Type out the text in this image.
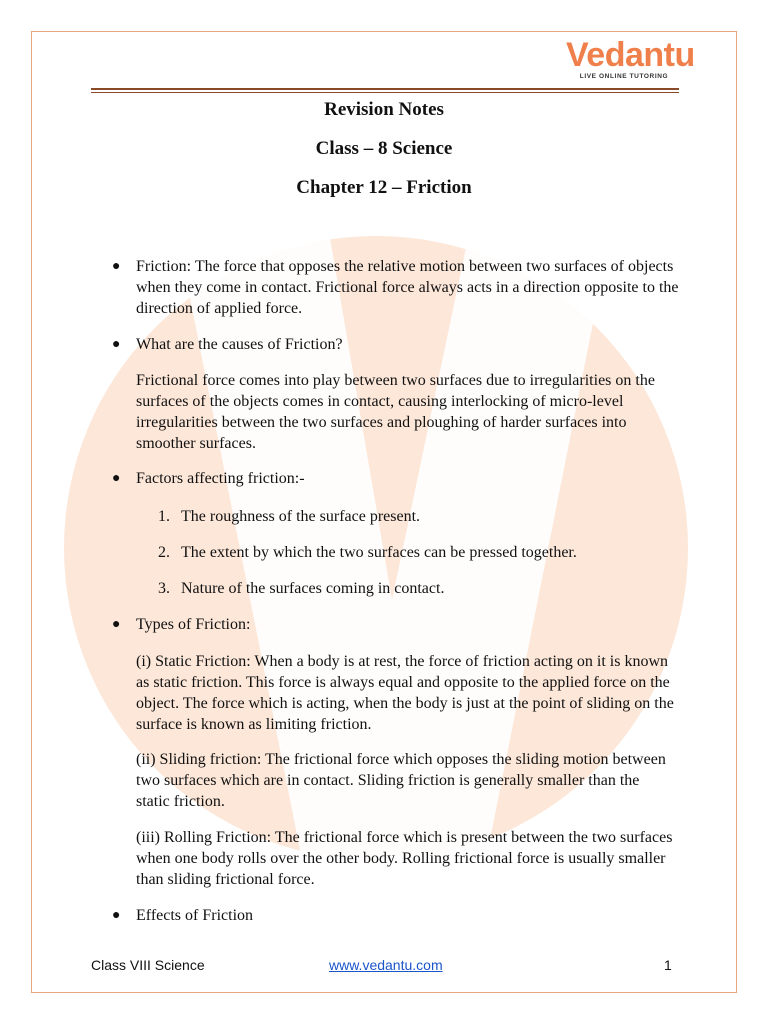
Vedantu
LIVE ONLINE TUTORING
Revision Notes
Class – 8 Science
Chapter 12 – Friction
● Friction: The force that opposes the relative motion between two surfaces of objects when they come in contact. Frictional force always acts in a direction opposite to the direction of applied force.
● What are the causes of Friction?
Frictional force comes into play between two surfaces due to irregularities on the surfaces of the objects comes in contact, causing interlocking of micro-level irregularities between the two surfaces and ploughing of harder surfaces into smoother surfaces.
● Factors affecting friction:-
1. The roughness of the surface present.
2. The extent by which the two surfaces can be pressed together.
3. Nature of the surfaces coming in contact.
● Types of Friction:
(i) Static Friction: When a body is at rest, the force of friction acting on it is known as static friction. This force is always equal and opposite to the applied force on the object. The force which is acting, when the body is just at the point of sliding on the surface is known as limiting friction.
(ii) Sliding friction: The frictional force which opposes the sliding motion between two surfaces which are in contact. Sliding friction is generally smaller than the static friction.
(iii) Rolling Friction: The frictional force which is present between the two surfaces when one body rolls over the other body. Rolling frictional force is usually smaller than sliding frictional force.
● Effects of Friction
Class VIII Science	www.vedantu.com	1
